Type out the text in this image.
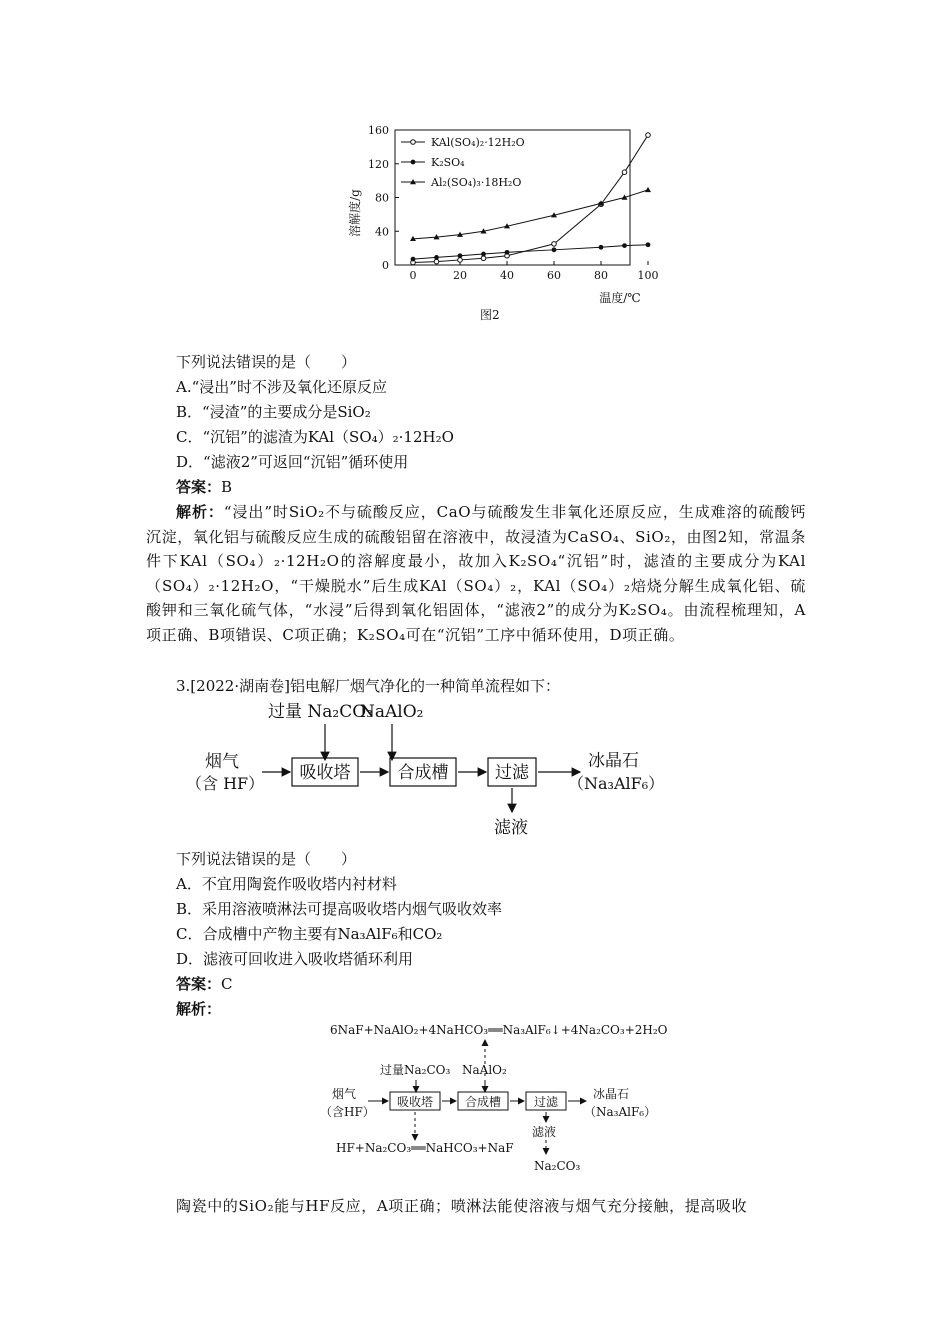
0
40
80
120
160
0	20	40	60	80	100
KAl(SO₄)₂·12H₂O
K₂SO₄
Al₂(SO₄)₃·18H₂O
溶解度/g
温度/℃
图2
下列说法错误的是（　　）
A.“浸出”时不涉及氧化还原反应
B．“浸渣”的主要成分是SiO₂
C．“沉铝”的滤渣为KAl（SO₄）₂·12H₂O
D．“滤液2”可返回“沉铝”循环使用
答案：B
解析：“浸出”时SiO₂不与硫酸反应，CaO与硫酸发生非氧化还原反应，生成难溶的硫酸钙沉淀，氧化铝与硫酸反应生成的硫酸铝留在溶液中，故浸渣为CaSO₄、SiO₂，由图2知，常温条件下KAl（SO₄）₂·12H₂O的溶解度最小，故加入K₂SO₄“沉铝”时，滤渣的主要成分为KAl（SO₄）₂·12H₂O，“干燥脱水”后生成KAl（SO₄）₂，KAl（SO₄）₂焙烧分解生成氧化铝、硫酸钾和三氧化硫气体，“水浸”后得到氧化铝固体，“滤液2”的成分为K₂SO₄。由流程梳理知，A项正确、B项错误、C项正确；K₂SO₄可在“沉铝”工序中循环使用，D项正确。
3.[2022·湖南卷]铝电解厂烟气净化的一种简单流程如下：
过量 Na₂CO₃
NaAlO₂
烟气
（含 HF）
吸收塔	合成槽	过滤
冰晶石
（Na₃AlF₆）
滤液
下列说法错误的是（　　）
A．不宜用陶瓷作吸收塔内衬材料
B．采用溶液喷淋法可提高吸收塔内烟气吸收效率
C．合成槽中产物主要有Na₃AlF₆和CO₂
D．滤液可回收进入吸收塔循环利用
答案：C
解析：
6NaF+NaAlO₂+4NaHCO₃══Na₃AlF₆↓+4Na₂CO₃+2H₂O
过量Na₂CO₃ NaAlO₂
烟气
（含HF）
吸收塔	合成槽	过滤
冰晶石
（Na₃AlF₆）
HF+Na₂CO₃══NaHCO₃+NaF
滤液
Na₂CO₃
陶瓷中的SiO₂能与HF反应，A项正确；喷淋法能使溶液与烟气充分接触，提高吸收
